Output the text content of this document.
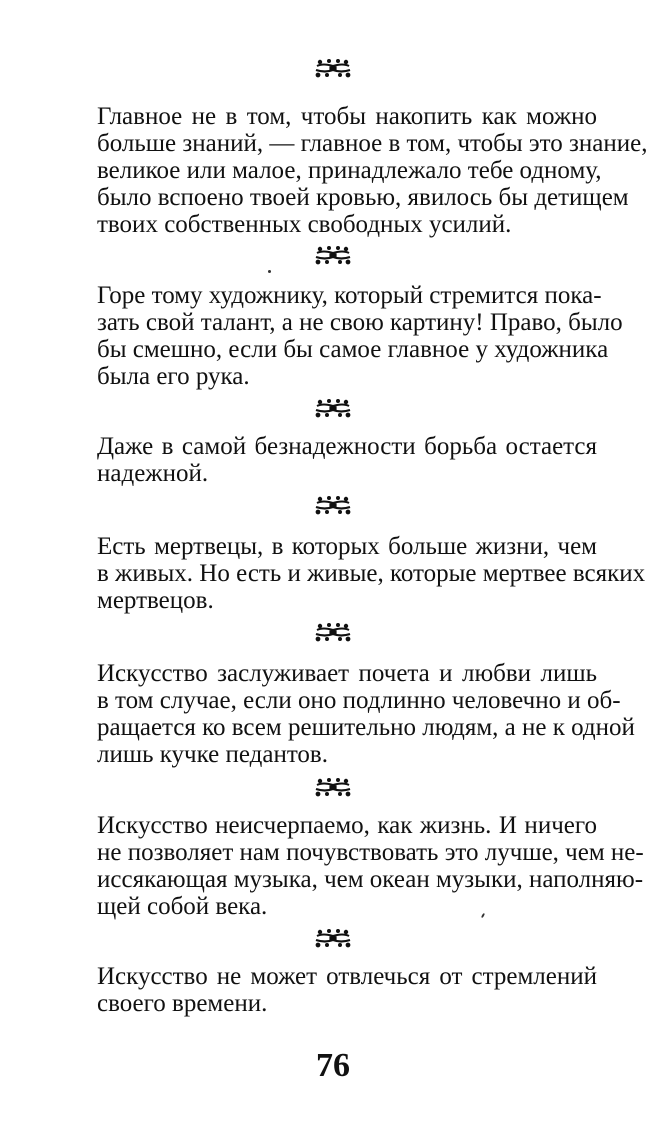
Главное не в том, чтобы накопить как можно
больше знаний, — главное в том, чтобы это знание,
великое или малое, принадлежало тебе одному,
было вспоено твоей кровью, явилось бы детищем
твоих собственных свободных усилий.

Горе тому художнику, который стремится пока-
зать свой талант, а не свою картину! Право, было
бы смешно, если бы самое главное у художника
была его рука.

Даже в самой безнадежности борьба остается
надежной.

Есть мертвецы, в которых больше жизни, чем
в живых. Но есть и живые, которые мертвее всяких
мертвецов.

Искусство заслуживает почета и любви лишь
в том случае, если оно подлинно человечно и об-
ращается ко всем решительно людям, а не к одной
лишь кучке педантов.

Искусство неисчерпаемо, как жизнь. И ничего
не позволяет нам почувствовать это лучше, чем не-
иссякающая музыка, чем океан музыки, наполняю-
щей собой века.

Искусство не может отвлечься от стремлений
своего времени.

76
